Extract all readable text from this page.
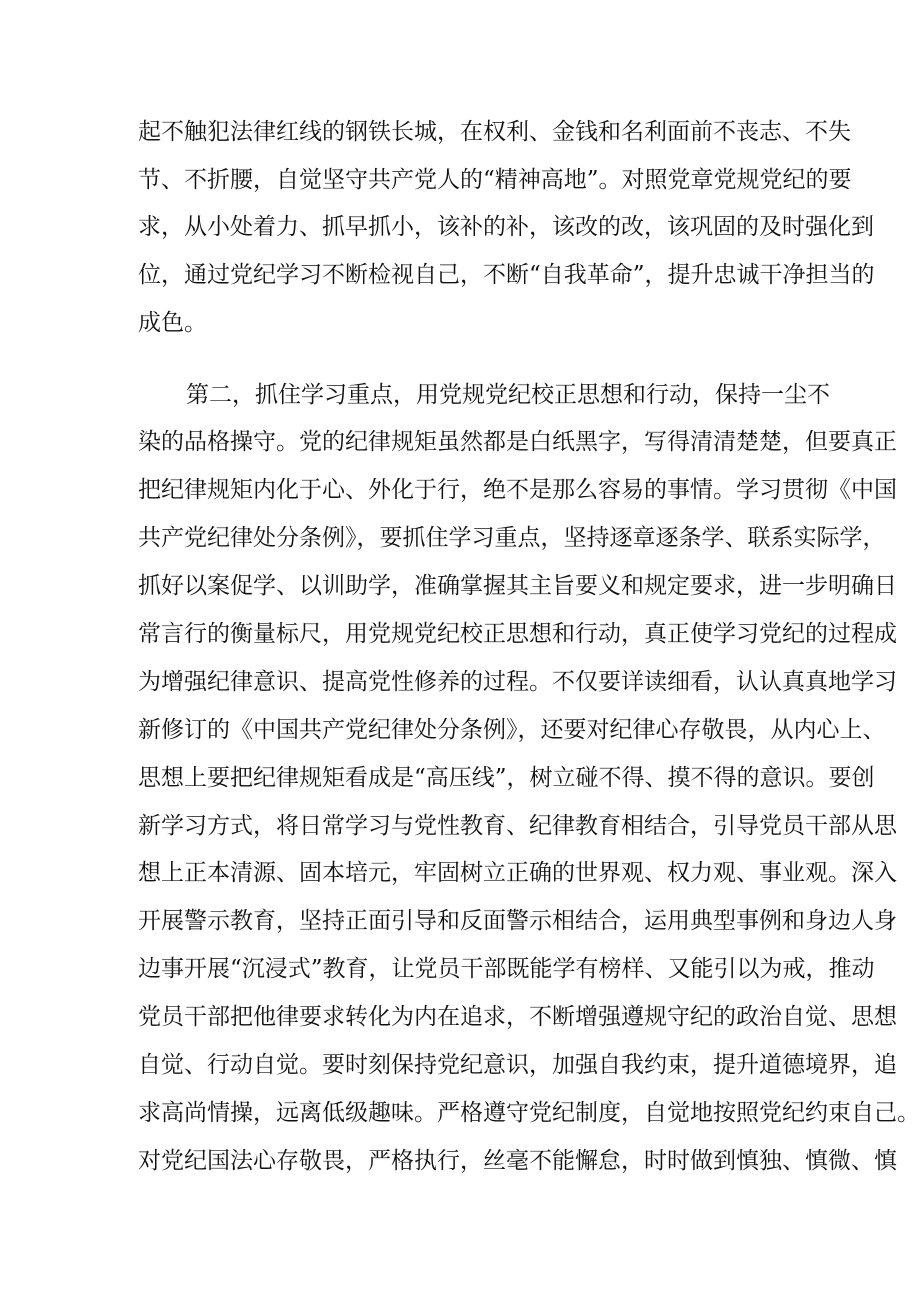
起不触犯法律红线的钢铁长城，在权利、金钱和名利面前不丧志、不失
节、不折腰，自觉坚守共产党人的“精神高地”。对照党章党规党纪的要
求，从小处着力、抓早抓小，该补的补，该改的改，该巩固的及时强化到
位，通过党纪学习不断检视自己，不断“自我革命”，提升忠诚干净担当的
成色。
第二，抓住学习重点，用党规党纪校正思想和行动，保持一尘不
染的品格操守。党的纪律规矩虽然都是白纸黑字，写得清清楚楚，但要真正
把纪律规矩内化于心、外化于行，绝不是那么容易的事情。学习贯彻《中国
共产党纪律处分条例》，要抓住学习重点，坚持逐章逐条学、联系实际学，
抓好以案促学、以训助学，准确掌握其主旨要义和规定要求，进一步明确日
常言行的衡量标尺，用党规党纪校正思想和行动，真正使学习党纪的过程成
为增强纪律意识、提高党性修养的过程。不仅要详读细看，认认真真地学习
新修订的《中国共产党纪律处分条例》，还要对纪律心存敬畏，从内心上、
思想上要把纪律规矩看成是“高压线”，树立碰不得、摸不得的意识。要创
新学习方式，将日常学习与党性教育、纪律教育相结合，引导党员干部从思
想上正本清源、固本培元，牢固树立正确的世界观、权力观、事业观。深入
开展警示教育，坚持正面引导和反面警示相结合，运用典型事例和身边人身
边事开展“沉浸式”教育，让党员干部既能学有榜样、又能引以为戒，推动
党员干部把他律要求转化为内在追求，不断增强遵规守纪的政治自觉、思想
自觉、行动自觉。要时刻保持党纪意识，加强自我约束，提升道德境界，追
求高尚情操，远离低级趣味。严格遵守党纪制度，自觉地按照党纪约束自己。
对党纪国法心存敬畏，严格执行，丝毫不能懈怠，时时做到慎独、慎微、慎
